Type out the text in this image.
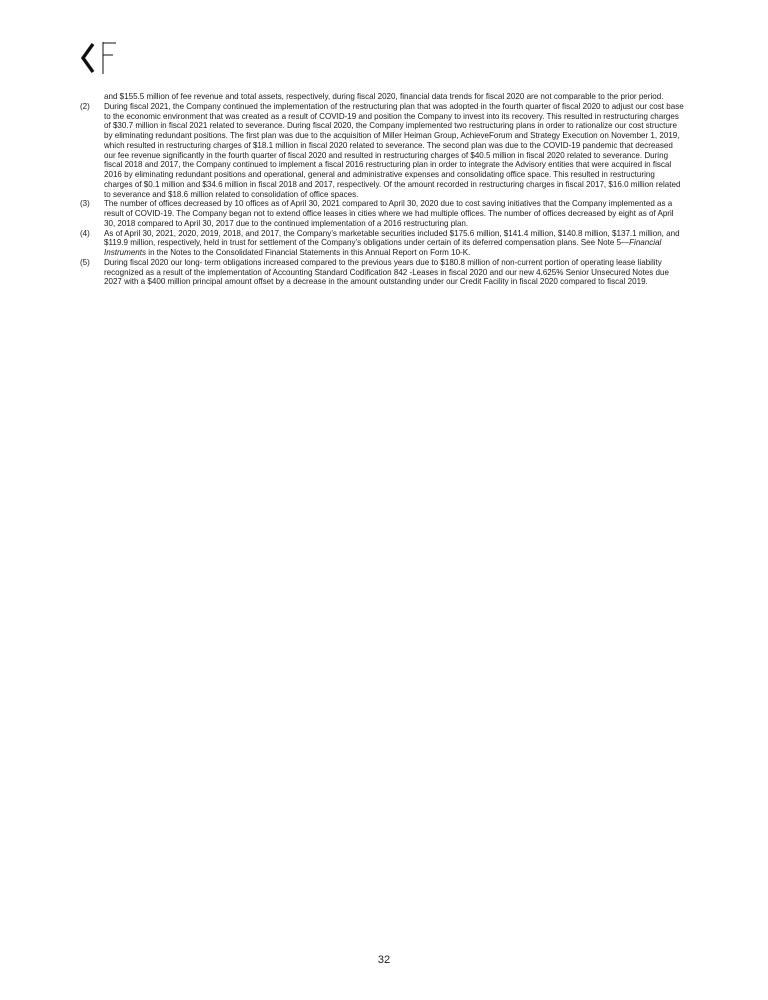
and $155.5 million of fee revenue and total assets, respectively, during fiscal 2020, financial data trends for fiscal 2020 are not comparable to the prior period.

(2)	During fiscal 2021, the Company continued the implementation of the restructuring plan that was adopted in the fourth quarter of fiscal 2020 to adjust our cost base to the economic environment that was created as a result of COVID-19 and position the Company to invest into its recovery. This resulted in restructuring charges of $30.7 million in fiscal 2021 related to severance. During fiscal 2020, the Company implemented two restructuring plans in order to rationalize our cost structure by eliminating redundant positions. The first plan was due to the acquisition of Miller Heiman Group, AchieveForum and Strategy Execution on November 1, 2019, which resulted in restructuring charges of $18.1 million in fiscal 2020 related to severance. The second plan was due to the COVID-19 pandemic that decreased our fee revenue significantly in the fourth quarter of fiscal 2020 and resulted in restructuring charges of $40.5 million in fiscal 2020 related to severance. During fiscal 2018 and 2017, the Company continued to implement a fiscal 2016 restructuring plan in order to integrate the Advisory entities that were acquired in fiscal 2016 by eliminating redundant positions and operational, general and administrative expenses and consolidating office space. This resulted in restructuring charges of $0.1 million and $34.6 million in fiscal 2018 and 2017, respectively. Of the amount recorded in restructuring charges in fiscal 2017, $16.0 million related to severance and $18.6 million related to consolidation of office spaces.
(3)	The number of offices decreased by 10 offices as of April 30, 2021 compared to April 30, 2020 due to cost saving initiatives that the Company implemented as a result of COVID-19. The Company began not to extend office leases in cities where we had multiple offices. The number of offices decreased by eight as of April 30, 2018 compared to April 30, 2017 due to the continued implementation of a 2016 restructuring plan.
(4)	As of April 30, 2021, 2020, 2019, 2018, and 2017, the Company’s marketable securities included $175.6 million, $141.4 million, $140.8 million, $137.1 million, and $119.9 million, respectively, held in trust for settlement of the Company’s obligations under certain of its deferred compensation plans. See Note 5—Financial Instruments in the Notes to the Consolidated Financial Statements in this Annual Report on Form 10-K.
(5)	During fiscal 2020 our long- term obligations increased compared to the previous years due to $180.8 million of non-current portion of operating lease liability recognized as a result of the implementation of Accounting Standard Codification 842 -Leases in fiscal 2020 and our new 4.625% Senior Unsecured Notes due 2027 with a $400 million principal amount offset by a decrease in the amount outstanding under our Credit Facility in fiscal 2020 compared to fiscal 2019.
32
